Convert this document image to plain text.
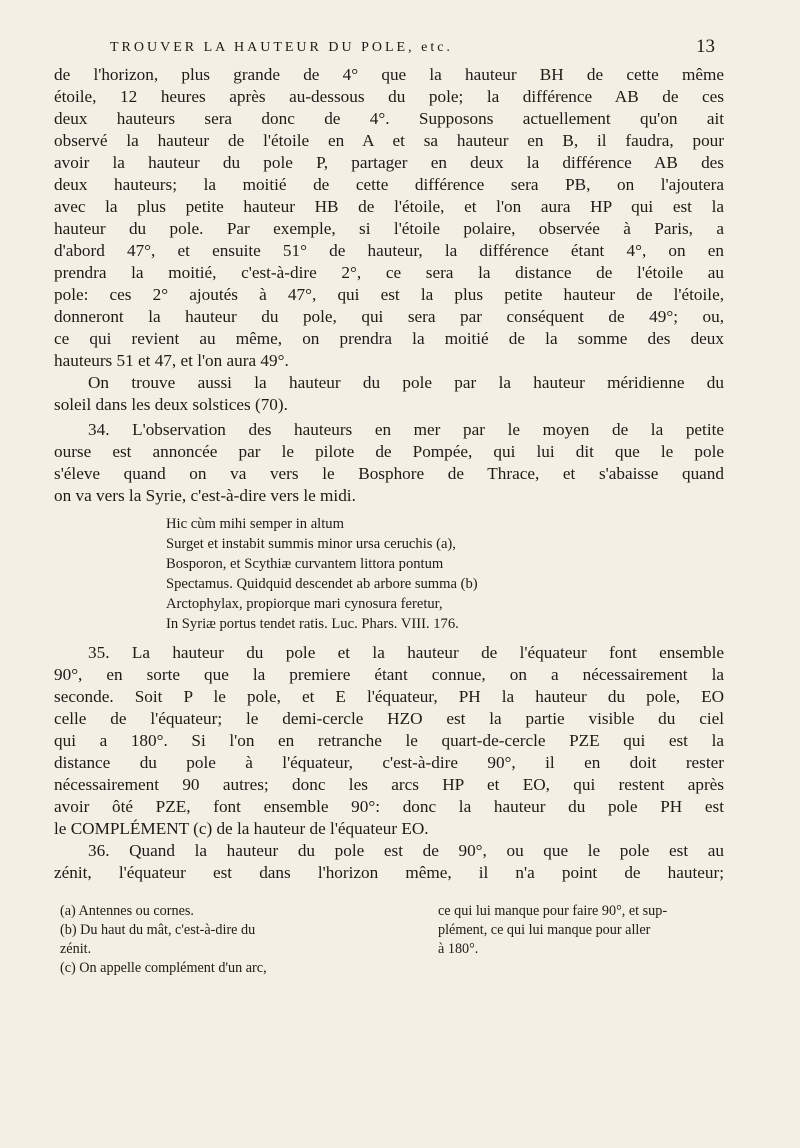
TROUVER LA HAUTEUR DU POLE, etc.	13
de l'horizon, plus grande de 4° que la hauteur BH de cette même
étoile, 12 heures après au-dessous du pole; la différence AB de ces
deux hauteurs sera donc de 4°. Supposons actuellement qu'on ait
observé la hauteur de l'étoile en A et sa hauteur en B, il faudra, pour
avoir la hauteur du pole P, partager en deux la différence AB des
deux hauteurs; la moitié de cette différence sera PB, on l'ajoutera
avec la plus petite hauteur HB de l'étoile, et l'on aura HP qui est la
hauteur du pole. Par exemple, si l'étoile polaire, observée à Paris, a
d'abord 47°, et ensuite 51° de hauteur, la différence étant 4°, on en
prendra la moitié, c'est-à-dire 2°, ce sera la distance de l'étoile au
pole: ces 2° ajoutés à 47°, qui est la plus petite hauteur de l'étoile,
donneront la hauteur du pole, qui sera par conséquent de 49°; ou,
ce qui revient au même, on prendra la moitié de la somme des deux
hauteurs 51 et 47, et l'on aura 49°.
On trouve aussi la hauteur du pole par la hauteur méridienne du
soleil dans les deux solstices (70).
34. L'observation des hauteurs en mer par le moyen de la petite
ourse est annoncée par le pilote de Pompée, qui lui dit que le pole
s'éleve quand on va vers le Bosphore de Thrace, et s'abaisse quand
on va vers la Syrie, c'est-à-dire vers le midi.
Hic cùm mihi semper in altum
Surget et instabit summis minor ursa ceruchis (a),
Bosporon, et Scythiæ curvantem littora pontum
Spectamus. Quidquid descendet ab arbore summa (b)
Arctophylax, propiorque mari cynosura feretur,
In Syriæ portus tendet ratis. Luc. Phars. VIII. 176.
35. La hauteur du pole et la hauteur de l'équateur font ensemble
90°, en sorte que la premiere étant connue, on a nécessairement la
seconde. Soit P le pole, et E l'équateur, PH la hauteur du pole, EO
celle de l'équateur; le demi-cercle HZO est la partie visible du ciel
qui a 180°. Si l'on en retranche le quart-de-cercle PZE qui est la
distance du pole à l'équateur, c'est-à-dire 90°, il en doit rester
nécessairement 90 autres; donc les arcs HP et EO, qui restent après
avoir ôté PZE, font ensemble 90°: donc la hauteur du pole PH est
le COMPLÉMENT (c) de la hauteur de l'équateur EO.
36. Quand la hauteur du pole est de 90°, ou que le pole est au
zénit, l'équateur est dans l'horizon même, il n'a point de hauteur;
(a) Antennes ou cornes.
(b) Du haut du mât, c'est-à-dire du
zénit.
(c) On appelle complément d'un arc,
ce qui lui manque pour faire 90°, et sup-
plément, ce qui lui manque pour aller
à 180°.
